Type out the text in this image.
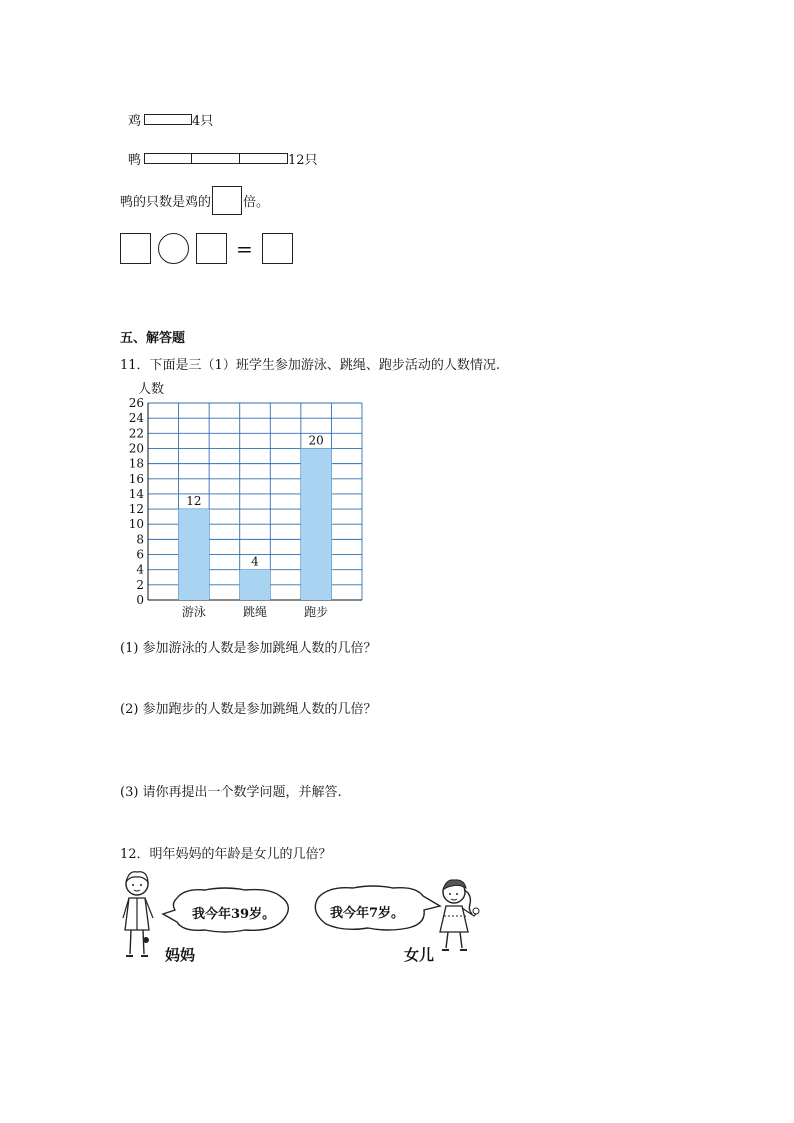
鸡	4只
鸭	12只
鸭的只数是鸡的 倍。
=
五、解答题
11．下面是三（1）班学生参加游泳、跳绳、跑步活动的人数情况.
人数
12
游泳
4
跳绳
20
跑步
0
2
4
6
8
10
12
14
16
18
20
22
24
26
(1) 参加游泳的人数是参加跳绳人数的几倍？
(2) 参加跑步的人数是参加跳绳人数的几倍？
(3) 请你再提出一个数学问题，并解答.
12．明年妈妈的年龄是女儿的几倍？
妈妈
我今年39岁。	我今年7岁。
女儿
